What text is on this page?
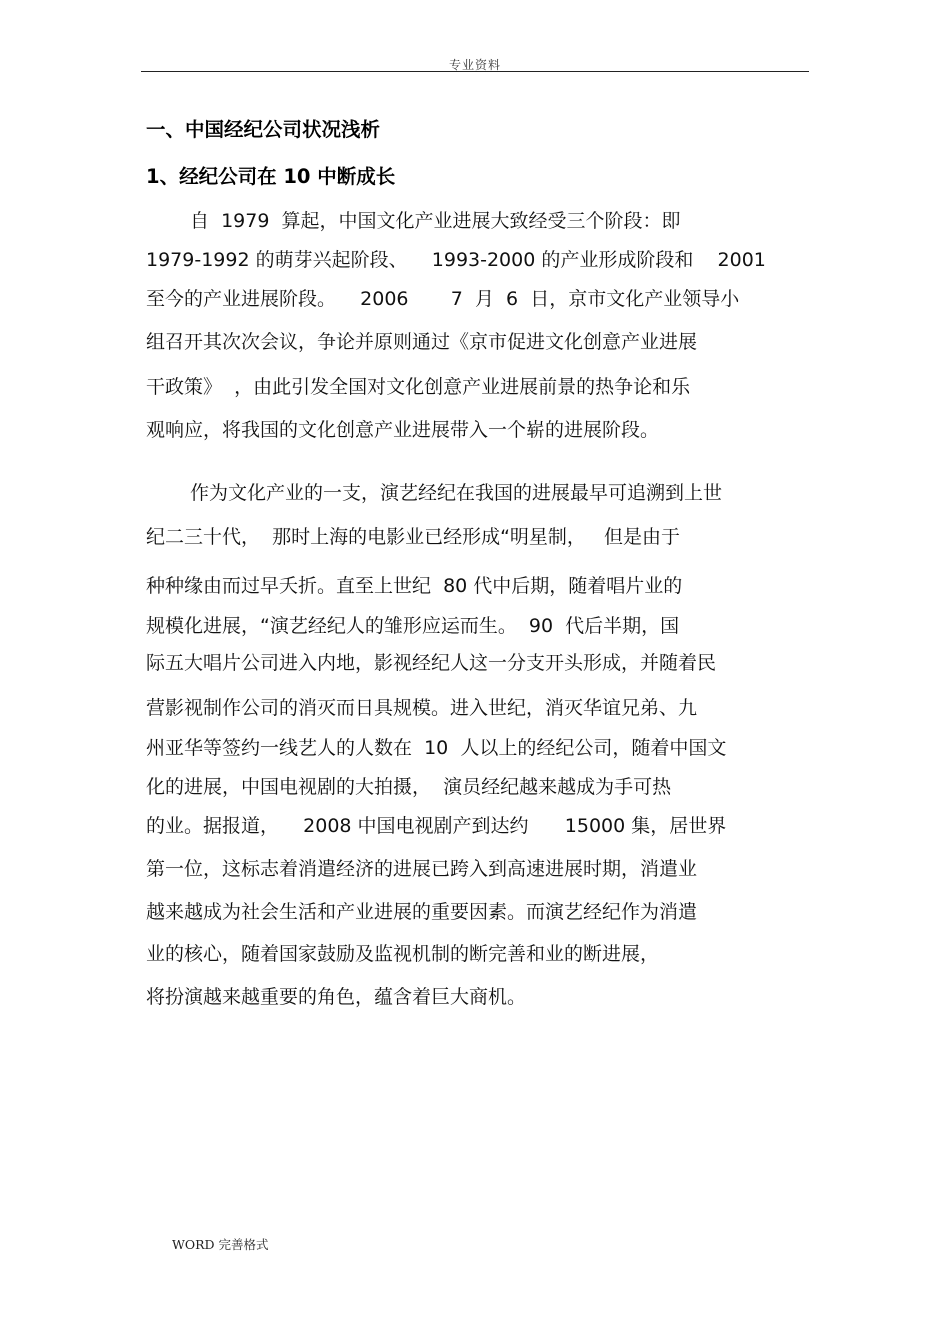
专业资料
一、中国经纪公司状况浅析
1、经纪公司在 10 中断成长
自  1979  算起，中国文化产业进展大致经受三个阶段：即
1979-1992 的萌芽兴起阶段、    1993-2000 的产业形成阶段和    2001
至今的产业进展阶段。    2006       7  月  6  日，京市文化产业领导小
组召开其次次会议，争论并原则通过《京市促进文化创意产业进展
干政策》  ，由此引发全国对文化创意产业进展前景的热争论和乐
观响应，将我国的文化创意产业进展带入一个崭的进展阶段。
作为文化产业的一支，演艺经纪在我国的进展最早可追溯到上世
纪二三十代，  那时上海的电影业已经形成“明星制，   但是由于
种种缘由而过早夭折。直至上世纪  80 代中后期，随着唱片业的
规模化进展，“演艺经纪人的雏形应运而生。  90  代后半期，国
际五大唱片公司进入内地，影视经纪人这一分支开头形成，并随着民
营影视制作公司的消灭而日具规模。进入世纪，消灭华谊兄弟、九
州亚华等签约一线艺人的人数在  10  人以上的经纪公司，随着中国文
化的进展，中国电视剧的大拍摄，  演员经纪越来越成为手可热
的业。据报道，    2008 中国电视剧产到达约      15000 集，居世界
第一位，这标志着消遣经济的进展已跨入到高速进展时期，消遣业
越来越成为社会生活和产业进展的重要因素。而演艺经纪作为消遣
业的核心，随着国家鼓励及监视机制的断完善和业的断进展，
将扮演越来越重要的角色，蕴含着巨大商机。
WORD 完善格式
